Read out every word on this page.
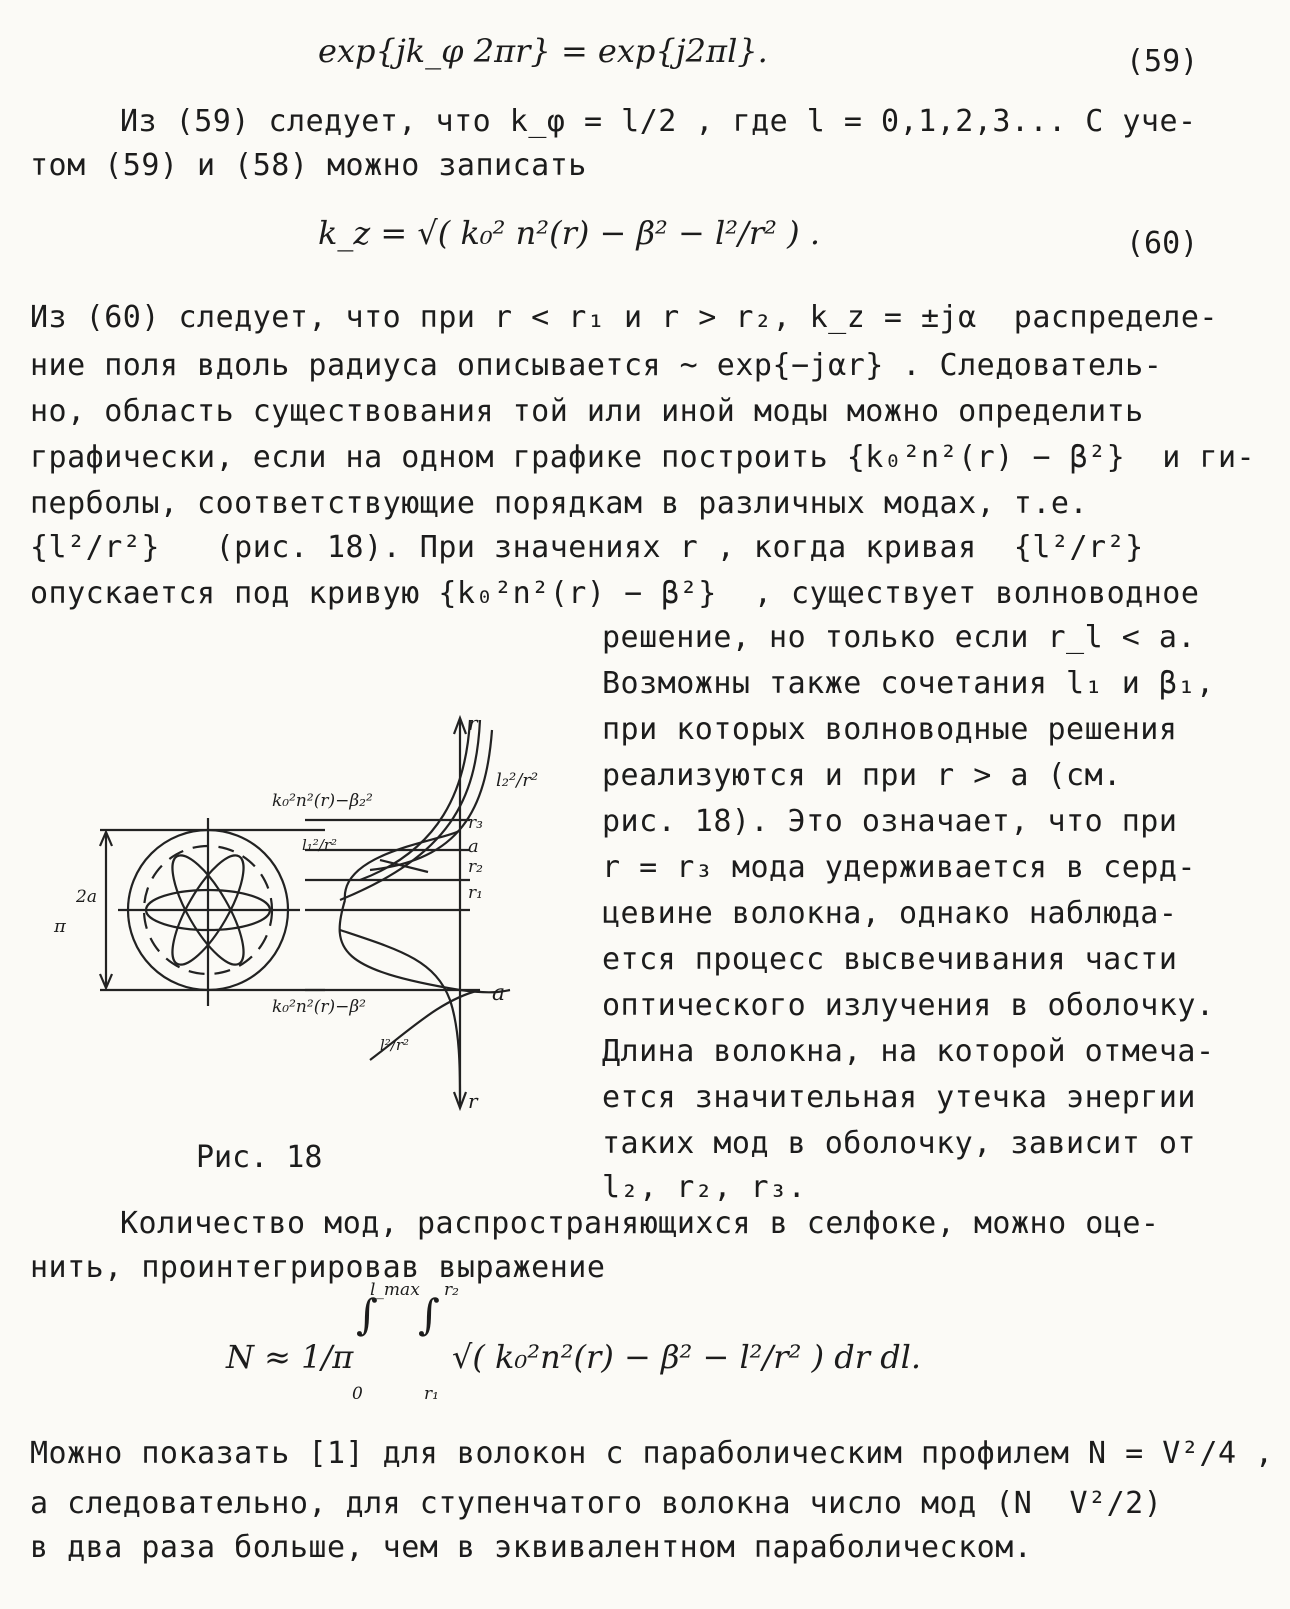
exp{jk_φ 2πr} = exp{j2πl}.	(59)
Из (59) следует, что k_φ = l/2 , где l = 0,1,2,3... С уче-
том (59) и (58) можно записать
k_z = √( k₀² n²(r) − β² − l²/r² ) .	(60)
Из (60) следует, что при r < r₁ и r > r₂, k_z = ±jα  распределе-
ние поля вдоль радиуса описывается ~ exp{−jαr} . Следователь-
но, область существования той или иной моды можно определить
графически, если на одном графике построить {k₀²n²(r) − β²}  и ги-
перболы, соответствующие порядкам в различных модах, т.е.
{l²/r²}   (рис. 18). При значениях r , когда кривая  {l²/r²}
опускается под кривую {k₀²n²(r) − β²}  , существует волноводное
решение, но только если r_l < a.
Возможны также сочетания l₁ и β₁,
при которых волноводные решения
реализуются и при r > a (см.
рис. 18). Это означает, что при
r = r₃ мода удерживается в серд-
цевине волокна, однако наблюда-
ется процесс высвечивания части
оптического излучения в оболочку.
Длина волокна, на которой отмеча-
ется значительная утечка энергии
таких мод в оболочку, зависит от
l₂, r₂, r₃.
r
r
k₀²n²(r)−β₂²
k₀²n²(r)−β²
l₂²/r²
l₁²/r²
l²/r²
r₃
a
r₂
r₁
a
2a
π
Рис. 18
Количество мод, распространяющихся в селфоке, можно оце-
нить, проинтегрировав выражение
N ≈ 1/π
∫ ∫
l_max
0
r₂
r₁
√( k₀²n²(r) − β² − l²/r² ) dr dl.
Можно показать [1] для волокон с параболическим профилем N = V²/4 ,
а следовательно, для ступенчатого волокна число мод (N  V²/2)
в два раза больше, чем в эквивалентном параболическом.
